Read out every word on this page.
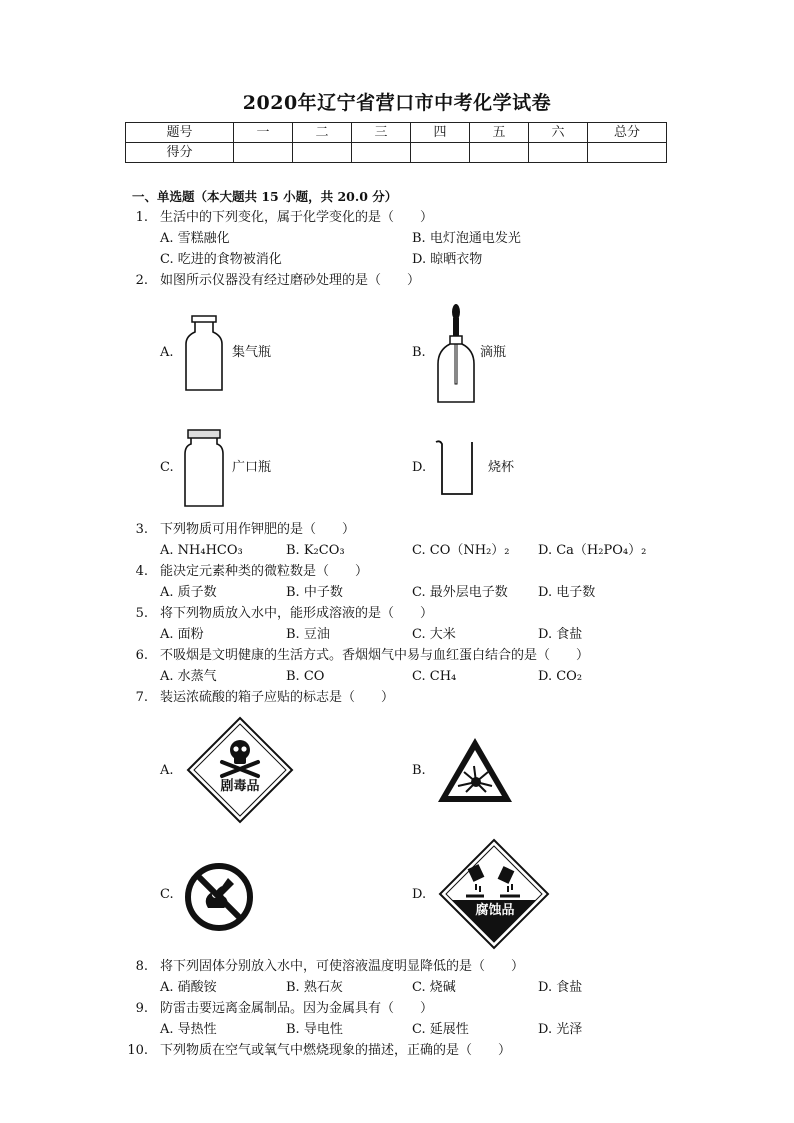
2020年辽宁省营口市中考化学试卷
题号	一	二	三	四	五	六	总分
得分							
一、单选题（本大题共 15 小题，共 20.0 分）
1. 生活中的下列变化，属于化学变化的是（　　）
A. 雪糕融化	B. 电灯泡通电发光
C. 吃进的食物被消化	D. 晾晒衣物
2. 如图所示仪器没有经过磨砂处理的是（　　）
A.	集气瓶	B.	滴瓶
C.	广口瓶	D.	烧杯
3. 下列物质可用作钾肥的是（　　）
A. NH₄HCO₃	B. K₂CO₃	C. CO（NH₂）₂ D. Ca（H₂PO₄）₂
4. 能决定元素种类的微粒数是（　　）
A. 质子数	B. 中子数	C. 最外层电子数 D. 电子数
5. 将下列物质放入水中，能形成溶液的是（　　）
A. 面粉	B. 豆油	C. 大米	D. 食盐
6. 不吸烟是文明健康的生活方式。香烟烟气中易与血红蛋白结合的是（　　）
A. 水蒸气	B. CO	C. CH₄	D. CO₂
7. 装运浓硫酸的箱子应贴的标志是（　　）
A.
剧毒品
B.
C.	D.
腐蚀品
8. 将下列固体分别放入水中，可使溶液温度明显降低的是（　　）
A. 硝酸铵	B. 熟石灰	C. 烧碱	D. 食盐
9. 防雷击要远离金属制品。因为金属具有（　　）
A. 导热性	B. 导电性	C. 延展性	D. 光泽
10. 下列物质在空气或氧气中燃烧现象的描述，正确的是（　　）
